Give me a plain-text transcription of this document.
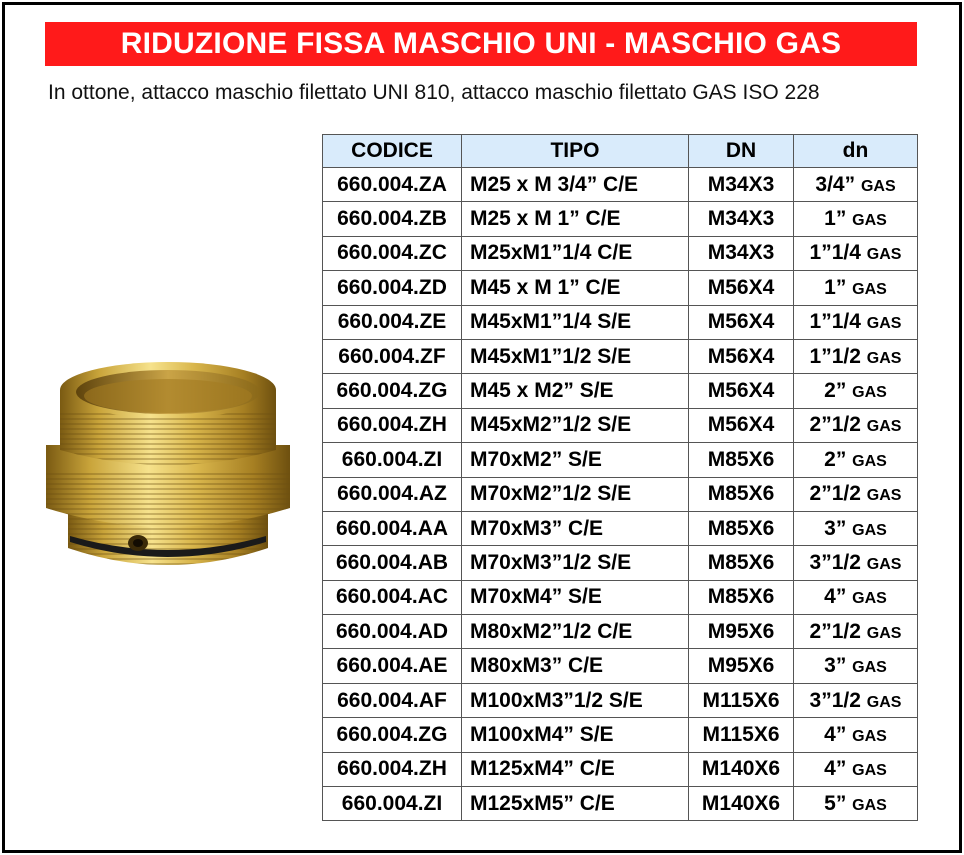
RIDUZIONE FISSA MASCHIO UNI - MASCHIO GAS
In ottone, attacco maschio filettato UNI 810, attacco maschio filettato GAS ISO 228
CODICE	TIPO	DN	dn
660.004.ZA	M25 x M 3/4” C/E	M34X3	3/4” GAS
660.004.ZB	M25 x M 1” C/E	M34X3	1” GAS
660.004.ZC	M25xM1”1/4 C/E	M34X3	1”1/4 GAS
660.004.ZD	M45 x M 1” C/E	M56X4	1” GAS
660.004.ZE	M45xM1”1/4 S/E	M56X4	1”1/4 GAS
660.004.ZF	M45xM1”1/2 S/E	M56X4	1”1/2 GAS
660.004.ZG	M45 x M2” S/E	M56X4	2” GAS
660.004.ZH	M45xM2”1/2 S/E	M56X4	2”1/2 GAS
660.004.ZI	M70xM2” S/E	M85X6	2” GAS
660.004.AZ	M70xM2”1/2 S/E	M85X6	2”1/2 GAS
660.004.AA	M70xM3” C/E	M85X6	3” GAS
660.004.AB	M70xM3”1/2 S/E	M85X6	3”1/2 GAS
660.004.AC	M70xM4” S/E	M85X6	4” GAS
660.004.AD	M80xM2”1/2 C/E	M95X6	2”1/2 GAS
660.004.AE	M80xM3” C/E	M95X6	3” GAS
660.004.AF	M100xM3”1/2 S/E	M115X6	3”1/2 GAS
660.004.ZG	M100xM4” S/E	M115X6	4” GAS
660.004.ZH	M125xM4” C/E	M140X6	4” GAS
660.004.ZI	M125xM5” C/E	M140X6	5” GAS
